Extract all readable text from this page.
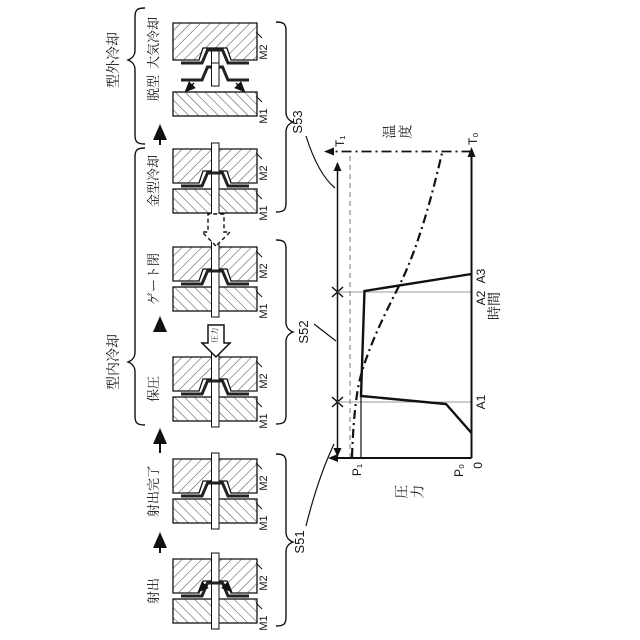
型内冷却
型外冷却
射出
射出完了
保圧
ゲート閉
金型冷却
脱型
大気冷却
圧力
M1
M2
M1
M2
M1
M2
M1
M2
M1
M2
M1
M2
S51
S52
S53
0
P₀
P₁
T₀
T₁
A1
A2
A3
時間
圧力
温度
